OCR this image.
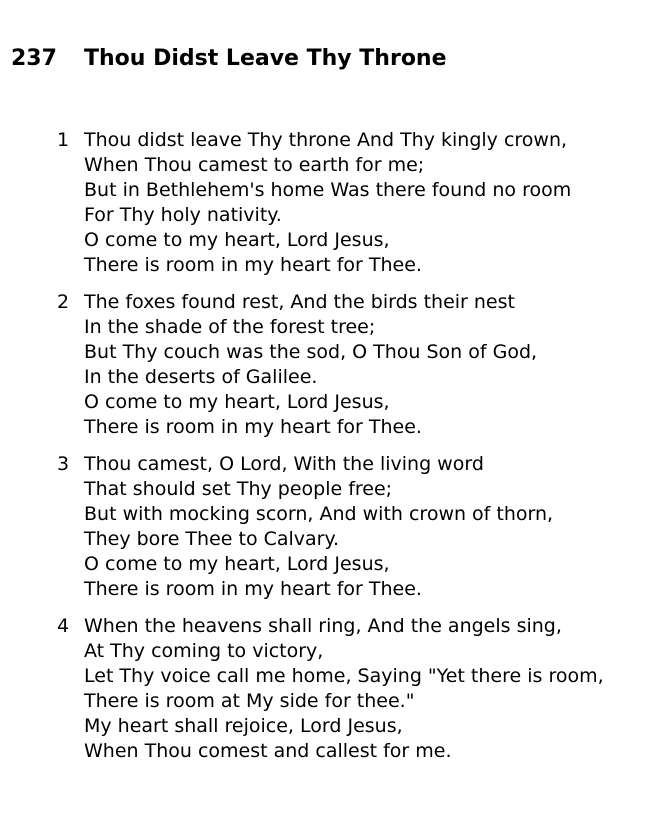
237 Thou Didst Leave Thy Throne
1 Thou didst leave Thy throne And Thy kingly crown,
When Thou camest to earth for me;
But in Bethlehem's home Was there found no room
For Thy holy nativity.
O come to my heart, Lord Jesus,
There is room in my heart for Thee.
2 The foxes found rest, And the birds their nest
In the shade of the forest tree;
But Thy couch was the sod, O Thou Son of God,
In the deserts of Galilee.
O come to my heart, Lord Jesus,
There is room in my heart for Thee.
3 Thou camest, O Lord, With the living word
That should set Thy people free;
But with mocking scorn, And with crown of thorn,
They bore Thee to Calvary.
O come to my heart, Lord Jesus,
There is room in my heart for Thee.
4 When the heavens shall ring, And the angels sing,
At Thy coming to victory,
Let Thy voice call me home, Saying "Yet there is room,
There is room at My side for thee."
My heart shall rejoice, Lord Jesus,
When Thou comest and callest for me.
